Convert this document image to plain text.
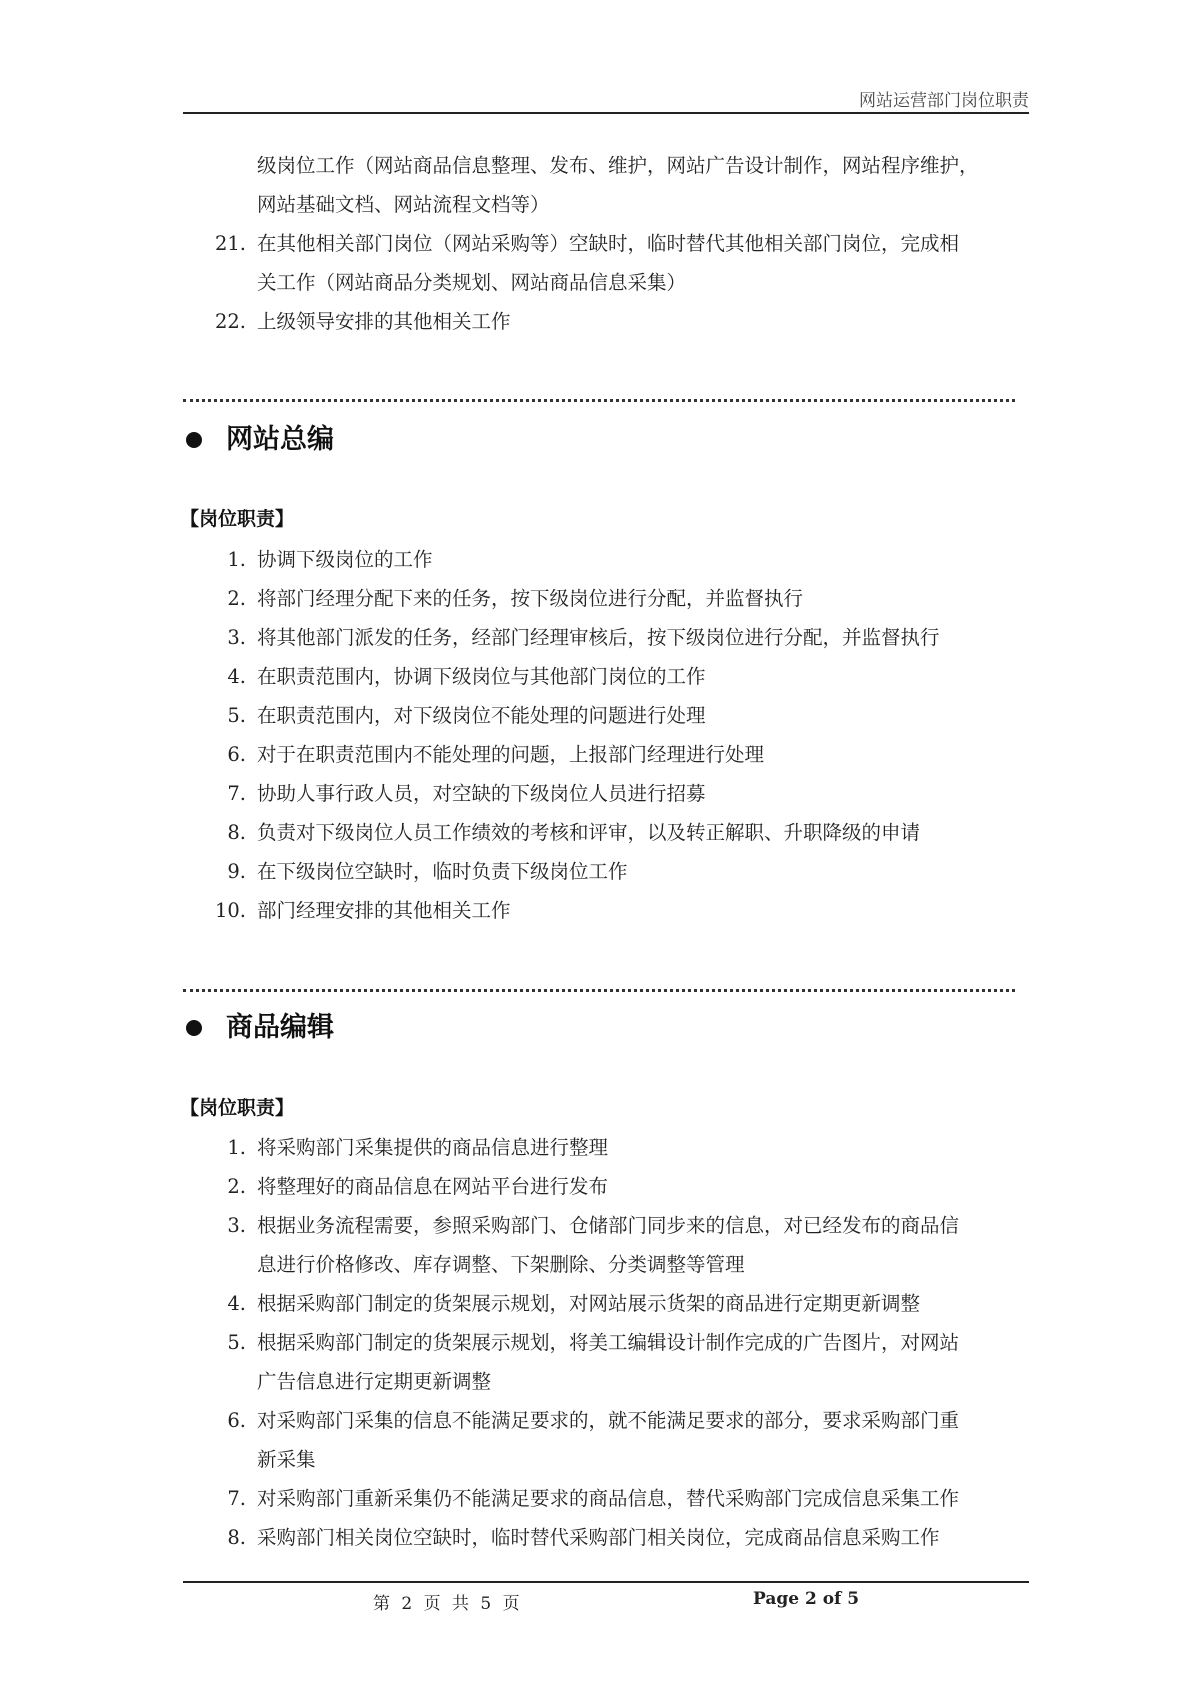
网站运营部门岗位职责
级岗位工作（网站商品信息整理、发布、维护，网站广告设计制作，网站程序维护，
网站基础文档、网站流程文档等）
21. 在其他相关部门岗位（网站采购等）空缺时，临时替代其他相关部门岗位，完成相
关工作（网站商品分类规划、网站商品信息采集）
22. 上级领导安排的其他相关工作
网站总编
【岗位职责】
1. 协调下级岗位的工作
2. 将部门经理分配下来的任务，按下级岗位进行分配，并监督执行
3. 将其他部门派发的任务，经部门经理审核后，按下级岗位进行分配，并监督执行
4. 在职责范围内，协调下级岗位与其他部门岗位的工作
5. 在职责范围内，对下级岗位不能处理的问题进行处理
6. 对于在职责范围内不能处理的问题，上报部门经理进行处理
7. 协助人事行政人员，对空缺的下级岗位人员进行招募
8. 负责对下级岗位人员工作绩效的考核和评审，以及转正解职、升职降级的申请
9. 在下级岗位空缺时，临时负责下级岗位工作
10. 部门经理安排的其他相关工作
商品编辑
【岗位职责】
1. 将采购部门采集提供的商品信息进行整理
2. 将整理好的商品信息在网站平台进行发布
3. 根据业务流程需要，参照采购部门、仓储部门同步来的信息，对已经发布的商品信
息进行价格修改、库存调整、下架删除、分类调整等管理
4. 根据采购部门制定的货架展示规划，对网站展示货架的商品进行定期更新调整
5. 根据采购部门制定的货架展示规划，将美工编辑设计制作完成的广告图片，对网站
广告信息进行定期更新调整
6. 对采购部门采集的信息不能满足要求的，就不能满足要求的部分，要求采购部门重
新采集
7. 对采购部门重新采集仍不能满足要求的商品信息，替代采购部门完成信息采集工作
8. 采购部门相关岗位空缺时，临时替代采购部门相关岗位，完成商品信息采购工作
第 2 页 共 5 页	Page 2 of 5
